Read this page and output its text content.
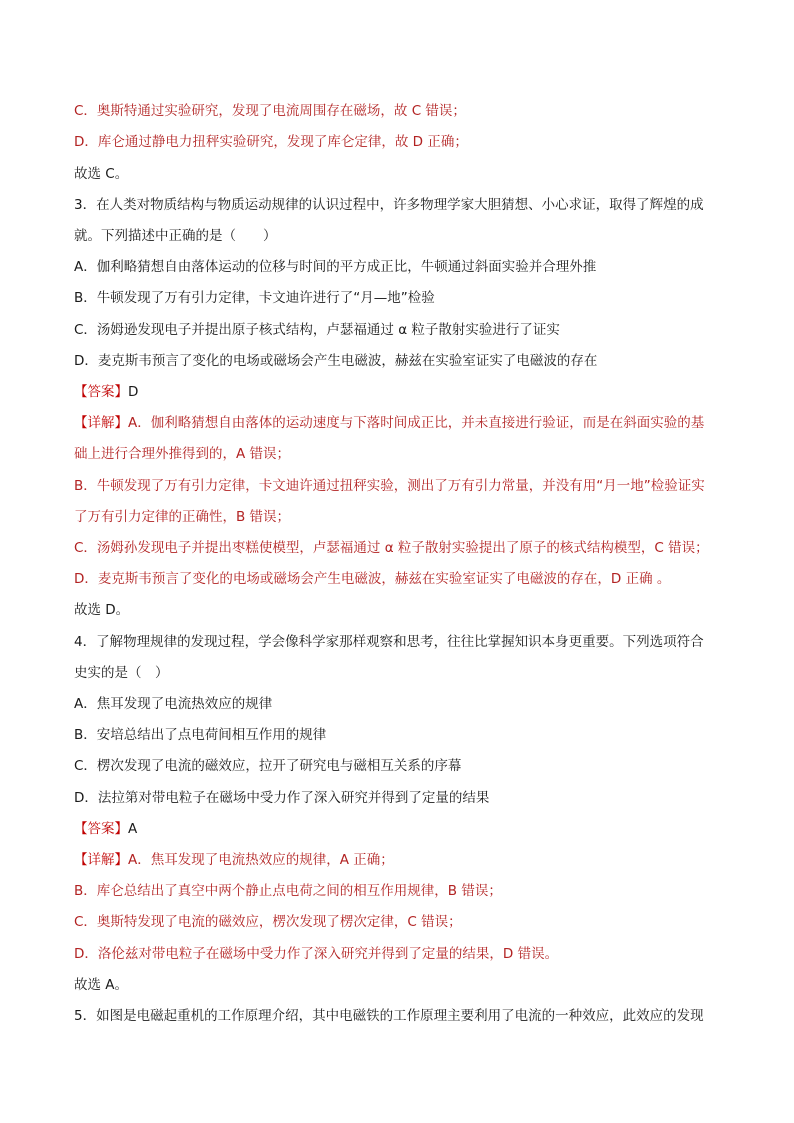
C．奥斯特通过实验研究，发现了电流周围存在磁场，故 C 错误；
D．库仑通过静电力扭秤实验研究，发现了库仑定律，故 D 正确；
故选 C。
3．在人类对物质结构与物质运动规律的认识过程中，许多物理学家大胆猜想、小心求证，取得了辉煌的成
就。下列描述中正确的是（　　）
A．伽利略猜想自由落体运动的位移与时间的平方成正比，牛顿通过斜面实验并合理外推
B．牛顿发现了万有引力定律，卡文迪许进行了“月—地”检验
C．汤姆逊发现电子并提出原子核式结构，卢瑟福通过 α 粒子散射实验进行了证实
D．麦克斯韦预言了变化的电场或磁场会产生电磁波，赫兹在实验室证实了电磁波的存在
【答案】D
【详解】A．伽利略猜想自由落体的运动速度与下落时间成正比，并未直接进行验证，而是在斜面实验的基
础上进行合理外推得到的，A 错误；
B．牛顿发现了万有引力定律，卡文迪许通过扭秤实验，测出了万有引力常量，并没有用“月一地”检验证实
了万有引力定律的正确性，B 错误；
C．汤姆孙发现电子并提出枣糕使模型，卢瑟福通过 α 粒子散射实验提出了原子的核式结构模型，C 错误；
D．麦克斯韦预言了变化的电场或磁场会产生电磁波，赫兹在实验室证实了电磁波的存在，D 正确 。
故选 D。
4．了解物理规律的发现过程，学会像科学家那样观察和思考，往往比掌握知识本身更重要。下列选项符合
史实的是（　）
A．焦耳发现了电流热效应的规律
B．安培总结出了点电荷间相互作用的规律
C．楞次发现了电流的磁效应，拉开了研究电与磁相互关系的序幕
D．法拉第对带电粒子在磁场中受力作了深入研究并得到了定量的结果
【答案】A
【详解】A．焦耳发现了电流热效应的规律，A 正确；
B．库仑总结出了真空中两个静止点电荷之间的相互作用规律，B 错误；
C．奥斯特发现了电流的磁效应，楞次发现了楞次定律，C 错误；
D．洛伦兹对带电粒子在磁场中受力作了深入研究并得到了定量的结果，D 错误。
故选 A。
5．如图是电磁起重机的工作原理介绍，其中电磁铁的工作原理主要利用了电流的一种效应，此效应的发现
